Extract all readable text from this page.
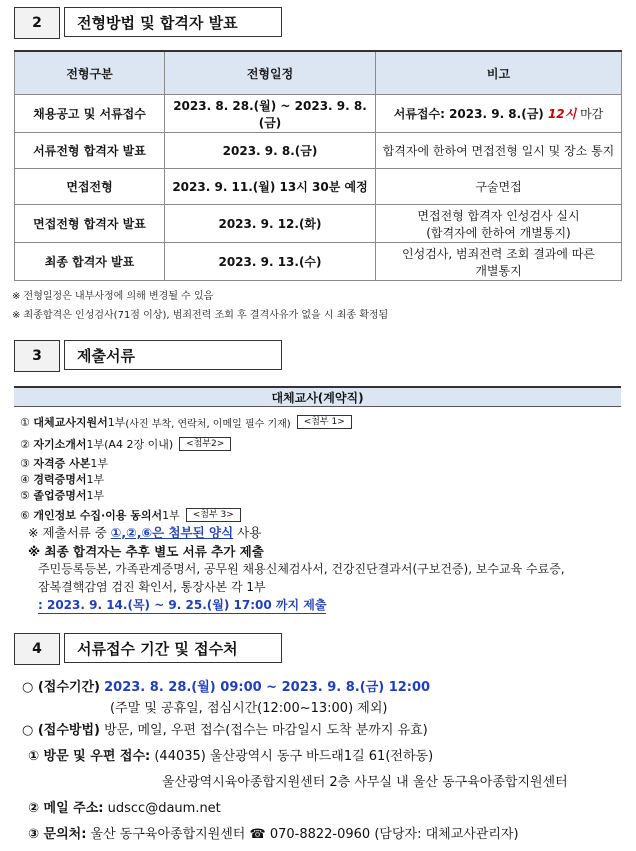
2	전형방법 및 합격자 발표
전형구분	전형일정	비고
채용공고 및 서류접수	2023. 8. 28.(월) ~ 2023. 9. 8.(금)	서류접수: 2023. 9. 8.(금) 12시 마감
서류전형 합격자 발표	2023. 9. 8.(금)	합격자에 한하여 면접전형 일시 및 장소 통지
면접전형	2023. 9. 11.(월) 13시 30분 예정	구술면접
면접전형 합격자 발표	2023. 9. 12.(화)	면접전형 합격자 인성검사 실시
(합격자에 한하여 개별통지)

최종 합격자 발표	2023. 9. 13.(수)	인성검사, 범죄전력 조회 결과에 따른
개별통지
※ 전형일정은 내부사정에 의해 변경될 수 있음
※ 최종합격은 인성검사(71점 이상), 범죄전력 조회 후 결격사유가 없을 시 최종 확정됨
3	제출서류
대체교사(계약직)
①
대체교사지원서 1부 (사진 부착, 연락처, 이메일 필수 기재)	<첨부 1>
②
자기소개서 1부(A4 2장 이내)	<첨부2>
③
자격증 사본 1부
④
경력증명서 1부
⑤
졸업증명서 1부
⑥
개인정보 수집·이용 동의서 1부	<첨부 3>
※ 제출서류 중 ①,②,⑥은 첨부된 양식 사용
※ 최종 합격자는 추후 별도 서류 추가 제출
주민등록등본, 가족관계증명서, 공무원 채용신체검사서, 건강진단결과서(구보건증), 보수교육 수료증,
잠복결핵감염 검진 확인서, 통장사본 각 1부
: 2023. 9. 14.(목) ~ 9. 25.(월) 17:00 까지 제출
4	서류접수 기간 및 접수처
○ (접수기간) 2023. 8. 28.(월) 09:00 ~ 2023. 9. 8.(금) 12:00
(주말 및 공휴일, 점심시간(12:00~13:00) 제외)
○ (접수방법) 방문, 메일, 우편 접수(접수는 마감일시 도착 분까지 유효)
① 방문 및 우편 접수: (44035) 울산광역시 동구 바드래1길 61(전하동)
울산광역시육아종합지원센터 2층 사무실 내 울산 동구육아종합지원센터
② 메일 주소: udscc@daum.net
③ 문의처: 울산 동구육아종합지원센터 ☎ 070-8822-0960 (담당자: 대체교사관리자)
